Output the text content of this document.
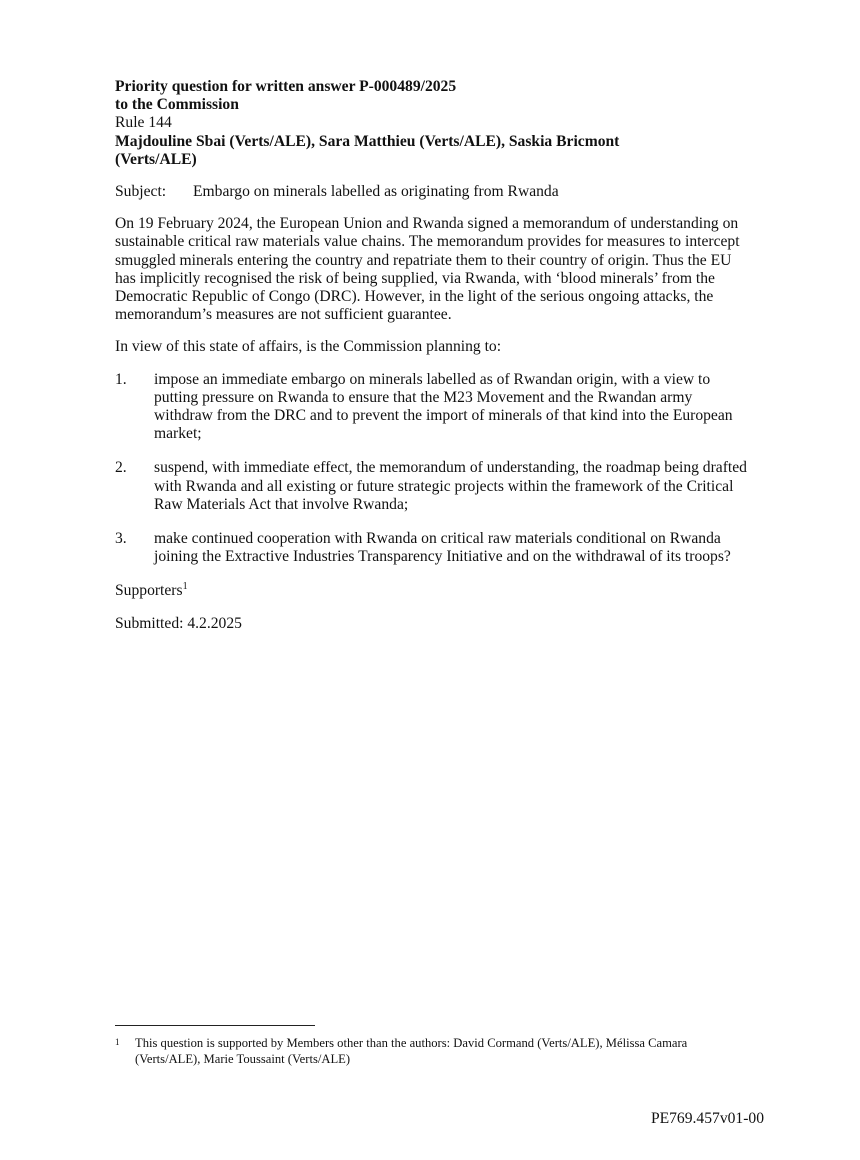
Priority question for written answer P-000489/2025

to the Commission

Rule 144

Majdouline Sbai (Verts/ALE), Sara Matthieu (Verts/ALE), Saskia Bricmont

(Verts/ALE)

Subject:	Embargo on minerals labelled as originating from Rwanda

On 19 February 2024, the European Union and Rwanda signed a memorandum of understanding on sustainable critical raw materials value chains. The memorandum provides for measures to intercept smuggled minerals entering the country and repatriate them to their country of origin. Thus the EU has implicitly recognised the risk of being supplied, via Rwanda, with ‘blood minerals’ from the Democratic Republic of Congo (DRC). However, in the light of the serious ongoing attacks, the memorandum’s measures are not sufficient guarantee.

In view of this state of affairs, is the Commission planning to:

1.	impose an immediate embargo on minerals labelled as of Rwandan origin, with a view to putting pressure on Rwanda to ensure that the M23 Movement and the Rwandan army withdraw from the DRC and to prevent the import of minerals of that kind into the European market;
2.	suspend, with immediate effect, the memorandum of understanding, the roadmap being drafted with Rwanda and all existing or future strategic projects within the framework of the Critical Raw Materials Act that involve Rwanda;
3.	make continued cooperation with Rwanda on critical raw materials conditional on Rwanda joining the Extractive Industries Transparency Initiative and on the withdrawal of its troops?

Supporters$^1$

Submitted: 4.2.2025

1	This question is supported by Members other than the authors: David Cormand (Verts/ALE), Mélissa Camara (Verts/ALE), Marie Toussaint (Verts/ALE)
PE769.457v01-00
